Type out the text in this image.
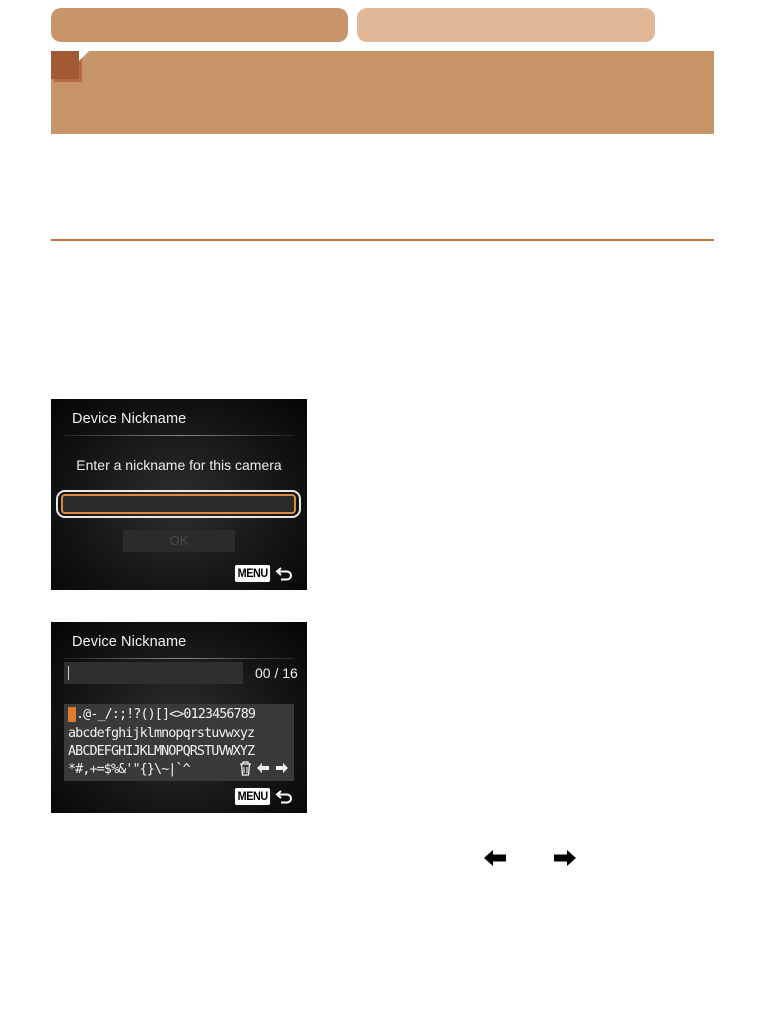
Device Nickname
Enter a nickname for this camera
OK
MENU
Device Nickname
00 / 16
.@-_/:;!?()[]<>0123456789
abcdefghijklmnopqrstuvwxyz
ABCDEFGHIJKLMNOPQRSTUVWXYZ
*#,+=$%&'"{}\~|`^
MENU
